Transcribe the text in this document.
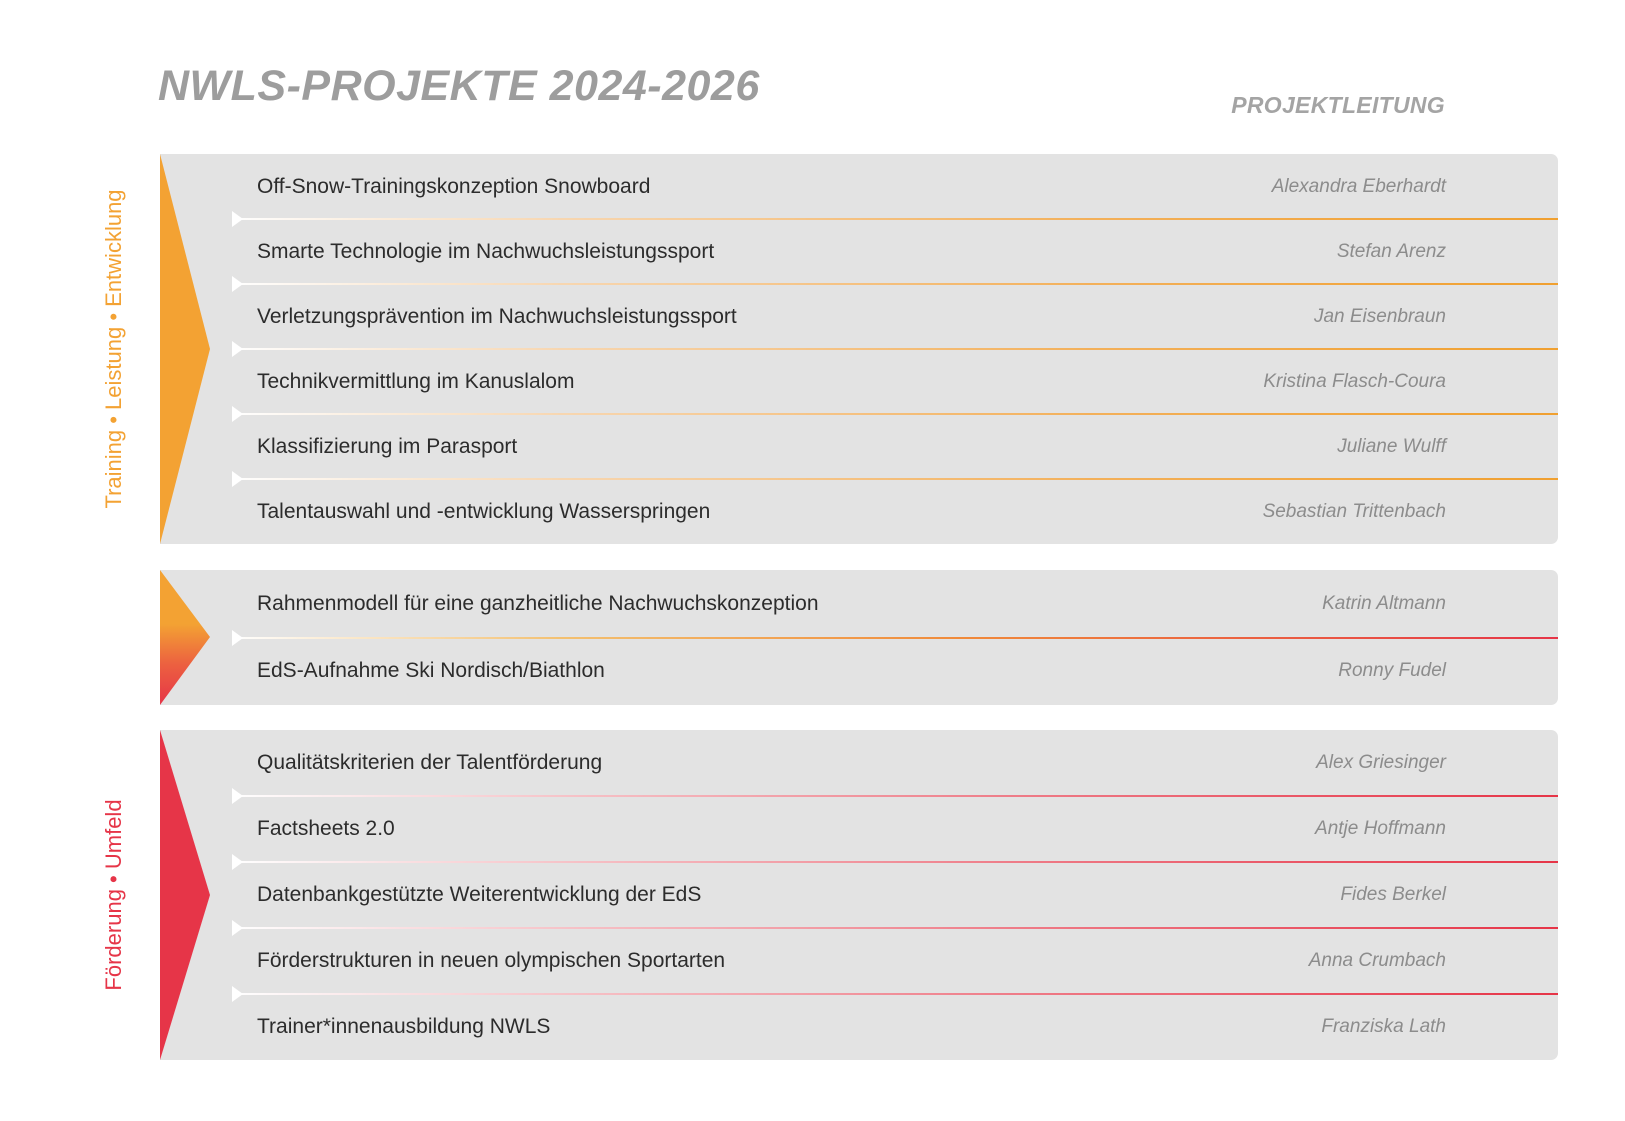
NWLS-PROJEKTE 2024-2026	PROJEKTLEITUNG
Off-Snow-Trainingskonzeption Snowboard	Alexandra Eberhardt
Smarte Technologie im Nachwuchsleistungssport	Stefan Arenz
Verletzungsprävention im Nachwuchsleistungssport	Jan Eisenbraun
Technikvermittlung im Kanuslalom	Kristina Flasch-Coura
Klassifizierung im Parasport	Juliane Wulff
Talentauswahl und -entwicklung Wasserspringen	Sebastian Trittenbach
Rahmenmodell für eine ganzheitliche Nachwuchskonzeption	Katrin Altmann
EdS-Aufnahme Ski Nordisch/Biathlon	Ronny Fudel
Qualitätskriterien der Talentförderung	Alex Griesinger
Factsheets 2.0	Antje Hoffmann
Datenbankgestützte Weiterentwicklung der EdS	Fides Berkel
Förderstrukturen in neuen olympischen Sportarten	Anna Crumbach
Trainer*innenausbildung NWLS	Franziska Lath
Training • Leistung • Entwicklung
Förderung • Umfeld
